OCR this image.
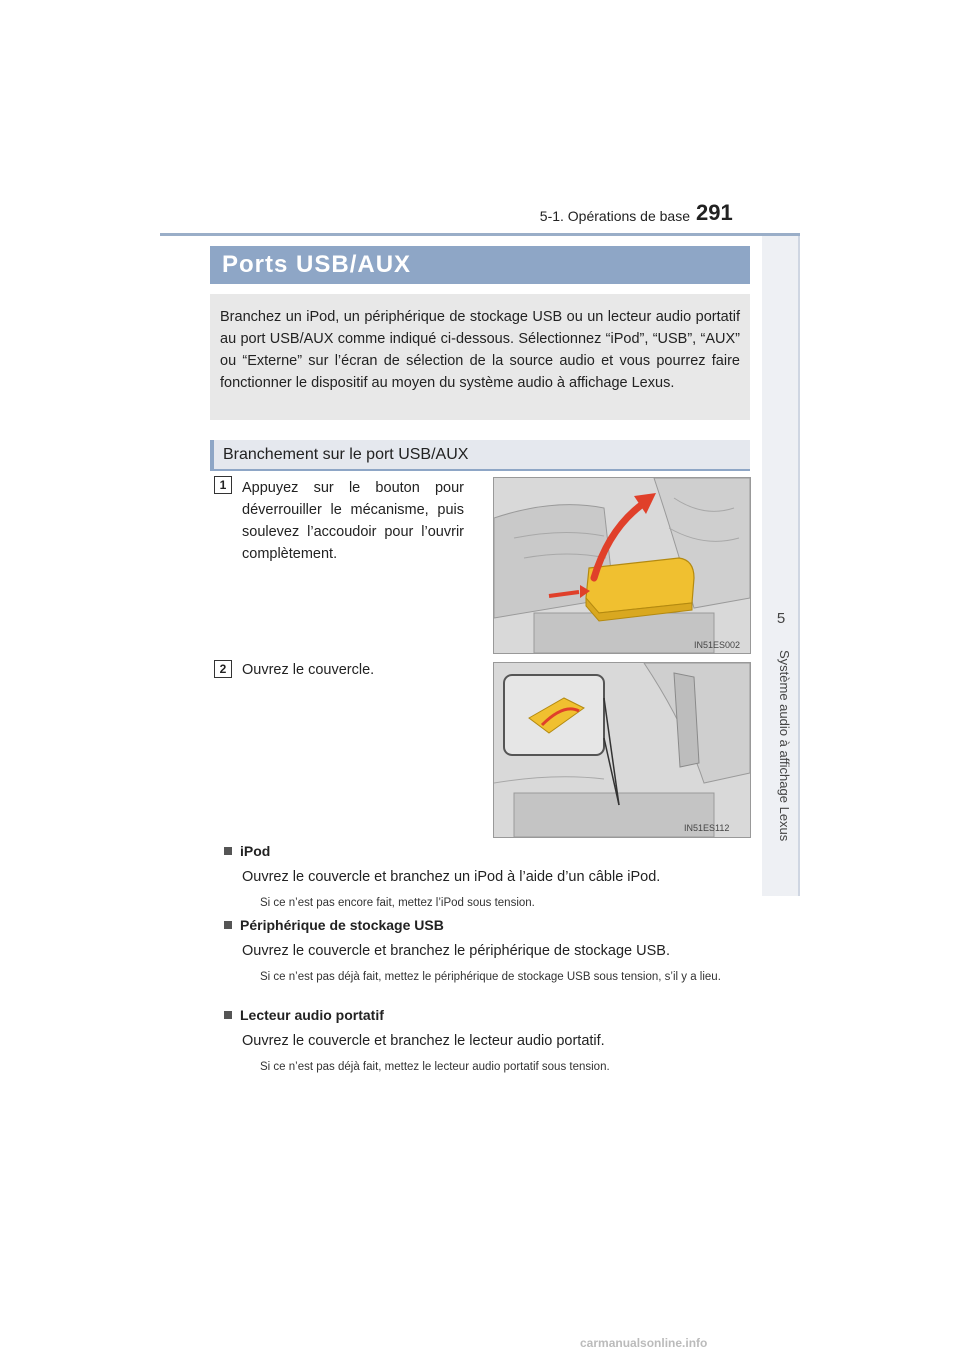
5-1. Opérations de base 291
5
Système audio à affichage Lexus
Ports USB/AUX
Branchez un iPod, un périphérique de stockage USB ou un lecteur audio portatif au port USB/AUX comme indiqué ci-dessous. Sélectionnez “iPod”, “USB”, “AUX” ou “Externe” sur l’écran de sélection de la source audio et vous pourrez faire fonctionner le dispositif au moyen du système audio à affichage Lexus.
Branchement sur le port USB/AUX
1	Appuyez sur le bouton pour déverrouiller le mécanisme, puis soulevez l’accoudoir pour l’ouvrir complètement.
IN51ES002
2	Ouvrez le couvercle.
IN51ES112
iPod
Ouvrez le couvercle et branchez un iPod à l’aide d’un câble iPod.
Si ce n’est pas encore fait, mettez l’iPod sous tension.
Périphérique de stockage USB
Ouvrez le couvercle et branchez le périphérique de stockage USB.
Si ce n’est pas déjà fait, mettez le périphérique de stockage USB sous tension, s’il y a lieu.
Lecteur audio portatif
Ouvrez le couvercle et branchez le lecteur audio portatif.
Si ce n’est pas déjà fait, mettez le lecteur audio portatif sous tension.
carmanualsonline.info
